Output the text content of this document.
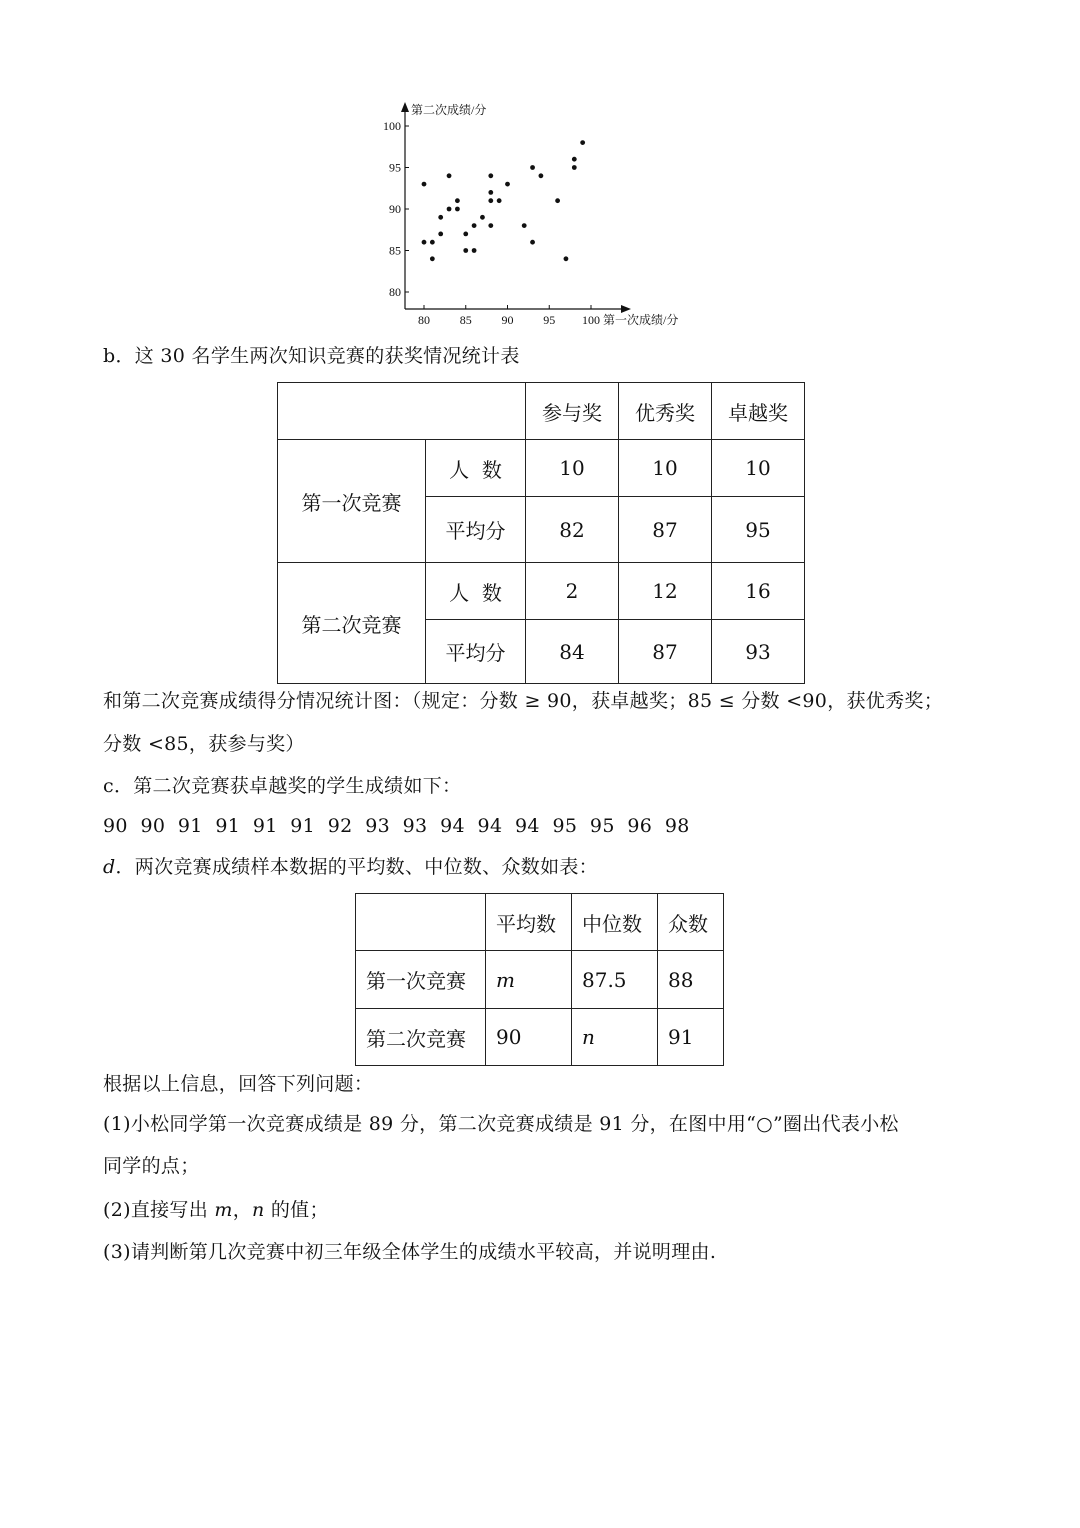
80 85 90 95 100
100
95
90
85
80
第一次成绩/分
第二次成绩/分
b．这 30 名学生两次知识竞赛的获奖情况统计表
		参与奖	优秀奖	卓越奖
第一次竞赛	人  数	10	10	10
	平均分	82	87	95
第二次竞赛	人  数	2	12	16
	平均分	84	87	93
和第二次竞赛成绩得分情况统计图：（规定：分数 ≥ 90，获卓越奖；85 ≤ 分数 <90，获优秀奖；
分数 <85，获参与奖）
c．第二次竞赛获卓越奖的学生成绩如下：
90  90  91  91  91  91  92  93  93  94  94  94  95  95  96  98
d．两次竞赛成绩样本数据的平均数、中位数、众数如表：
	平均数	中位数	众数
第一次竞赛	m	87.5	88
第二次竞赛	90	n	91
根据以上信息，回答下列问题：
(1)小松同学第一次竞赛成绩是 89 分，第二次竞赛成绩是 91 分，在图中用“○”圈出代表小松
同学的点；
(2)直接写出 m，n 的值；
(3)请判断第几次竞赛中初三年级全体学生的成绩水平较高，并说明理由.
